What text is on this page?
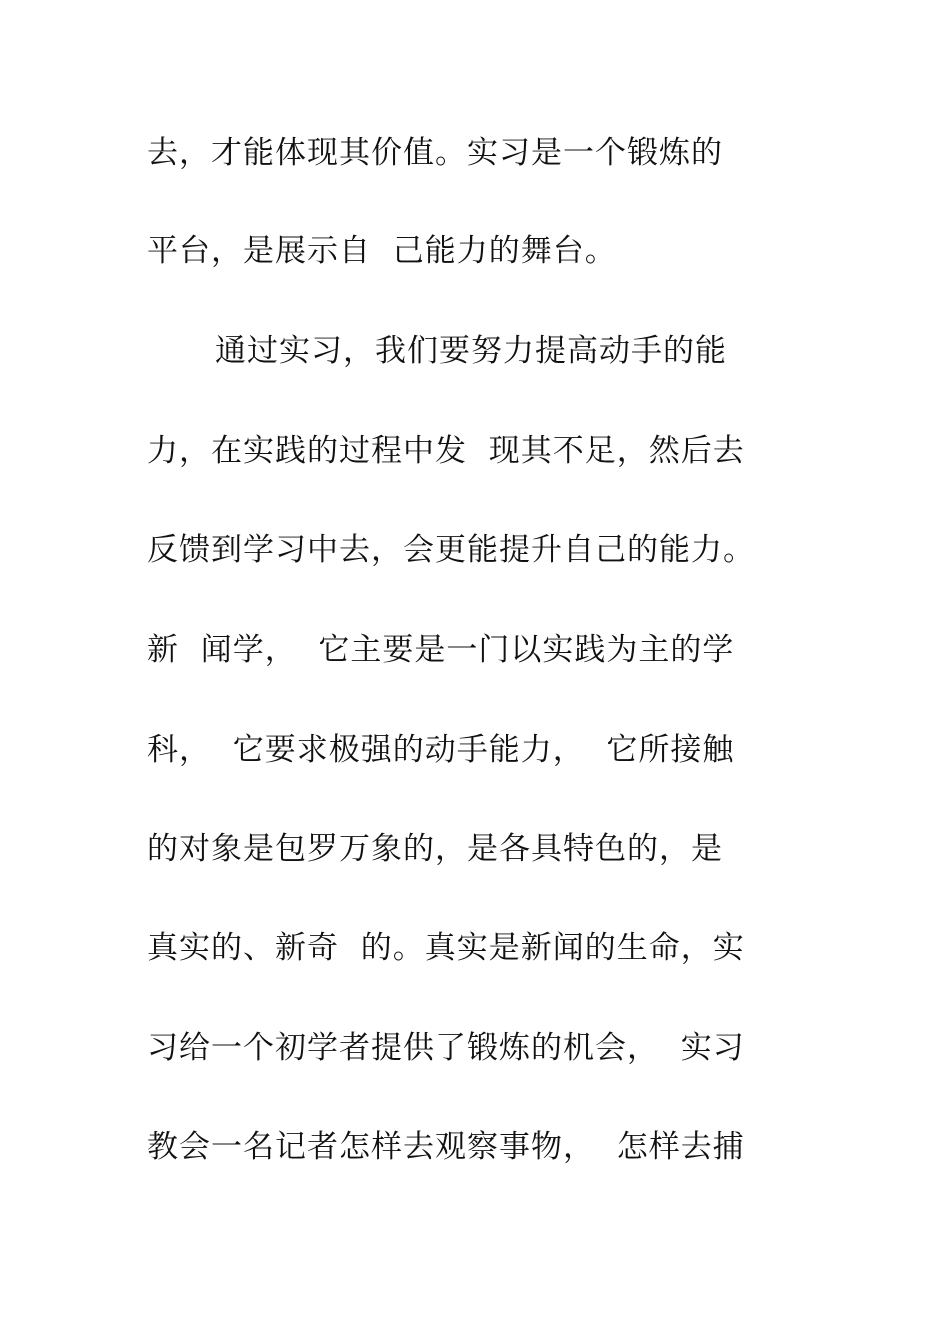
去，才能体现其价值。实习是一个锻炼的
平台，是展示自  己能力的舞台。
通过实习，我们要努力提高动手的能
力，在实践的过程中发  现其不足，然后去
反馈到学习中去，会更能提升自己的能力。
新  闻学，  它主要是一门以实践为主的学
科，  它要求极强的动手能力，  它所接触
的对象是包罗万象的，是各具特色的，是
真实的、新奇  的。真实是新闻的生命，实
习给一个初学者提供了锻炼的机会，  实习
教会一名记者怎样去观察事物，  怎样去捕
